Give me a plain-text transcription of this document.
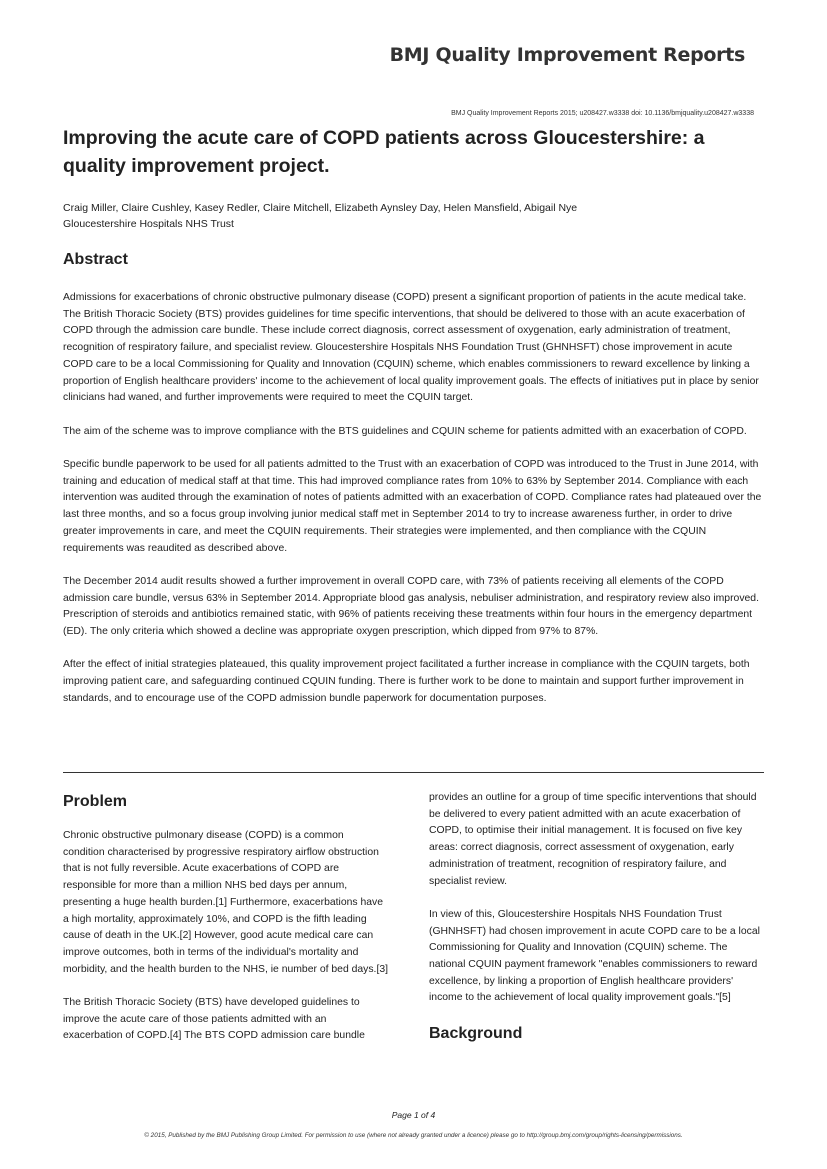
BMJ Quality Improvement Reports
BMJ Quality Improvement Reports 2015; u208427.w3338 doi: 10.1136/bmjquality.u208427.w3338
Improving the acute care of COPD patients across Gloucestershire: a quality improvement project.
Craig Miller, Claire Cushley, Kasey Redler, Claire Mitchell, Elizabeth Aynsley Day, Helen Mansfield, Abigail Nye
Gloucestershire Hospitals NHS Trust
Abstract

Admissions for exacerbations of chronic obstructive pulmonary disease (COPD) present a significant proportion of patients in the acute medical take. The British Thoracic Society (BTS) provides guidelines for time specific interventions, that should be delivered to those with an acute exacerbation of COPD through the admission care bundle. These include correct diagnosis, correct assessment of oxygenation, early administration of treatment, recognition of respiratory failure, and specialist review. Gloucestershire Hospitals NHS Foundation Trust (GHNHSFT) chose improvement in acute COPD care to be a local Commissioning for Quality and Innovation (CQUIN) scheme, which enables commissioners to reward excellence by linking a proportion of English healthcare providers' income to the achievement of local quality improvement goals. The effects of initiatives put in place by senior clinicians had waned, and further improvements were required to meet the CQUIN target.

The aim of the scheme was to improve compliance with the BTS guidelines and CQUIN scheme for patients admitted with an exacerbation of COPD.

Specific bundle paperwork to be used for all patients admitted to the Trust with an exacerbation of COPD was introduced to the Trust in June 2014, with training and education of medical staff at that time. This had improved compliance rates from 10% to 63% by September 2014. Compliance with each intervention was audited through the examination of notes of patients admitted with an exacerbation of COPD. Compliance rates had plateaued over the last three months, and so a focus group involving junior medical staff met in September 2014 to try to increase awareness further, in order to drive greater improvements in care, and meet the CQUIN requirements. Their strategies were implemented, and then compliance with the CQUIN requirements was reaudited as described above.

The December 2014 audit results showed a further improvement in overall COPD care, with 73% of patients receiving all elements of the COPD admission care bundle, versus 63% in September 2014. Appropriate blood gas analysis, nebuliser administration, and respiratory review also improved. Prescription of steroids and antibiotics remained static, with 96% of patients receiving these treatments within four hours in the emergency department (ED). The only criteria which showed a decline was appropriate oxygen prescription, which dipped from 97% to 87%.

After the effect of initial strategies plateaued, this quality improvement project facilitated a further increase in compliance with the CQUIN targets, both improving patient care, and safeguarding continued CQUIN funding. There is further work to be done to maintain and support further improvement in standards, and to encourage use of the COPD admission bundle paperwork for documentation purposes.

Problem

Chronic obstructive pulmonary disease (COPD) is a common condition characterised by progressive respiratory airflow obstruction that is not fully reversible. Acute exacerbations of COPD are responsible for more than a million NHS bed days per annum, presenting a huge health burden.[1] Furthermore, exacerbations have a high mortality, approximately 10%, and COPD is the fifth leading cause of death in the UK.[2] However, good acute medical care can improve outcomes, both in terms of the individual's mortality and morbidity, and the health burden to the NHS, ie number of bed days.[3]

The British Thoracic Society (BTS) have developed guidelines to improve the acute care of those patients admitted with an exacerbation of COPD.[4] The BTS COPD admission care bundle

provides an outline for a group of time specific interventions that should be delivered to every patient admitted with an acute exacerbation of COPD, to optimise their initial management. It is focused on five key areas: correct diagnosis, correct assessment of oxygenation, early administration of treatment, recognition of respiratory failure, and specialist review.

In view of this, Gloucestershire Hospitals NHS Foundation Trust (GHNHSFT) had chosen improvement in acute COPD care to be a local Commissioning for Quality and Innovation (CQUIN) scheme. The national CQUIN payment framework "enables commissioners to reward excellence, by linking a proportion of English healthcare providers' income to the achievement of local quality improvement goals."[5]

Background
Page 1 of 4
© 2015, Published by the BMJ Publishing Group Limited. For permission to use (where not already granted under a licence) please go to http://group.bmj.com/group/rights-licensing/permissions.
